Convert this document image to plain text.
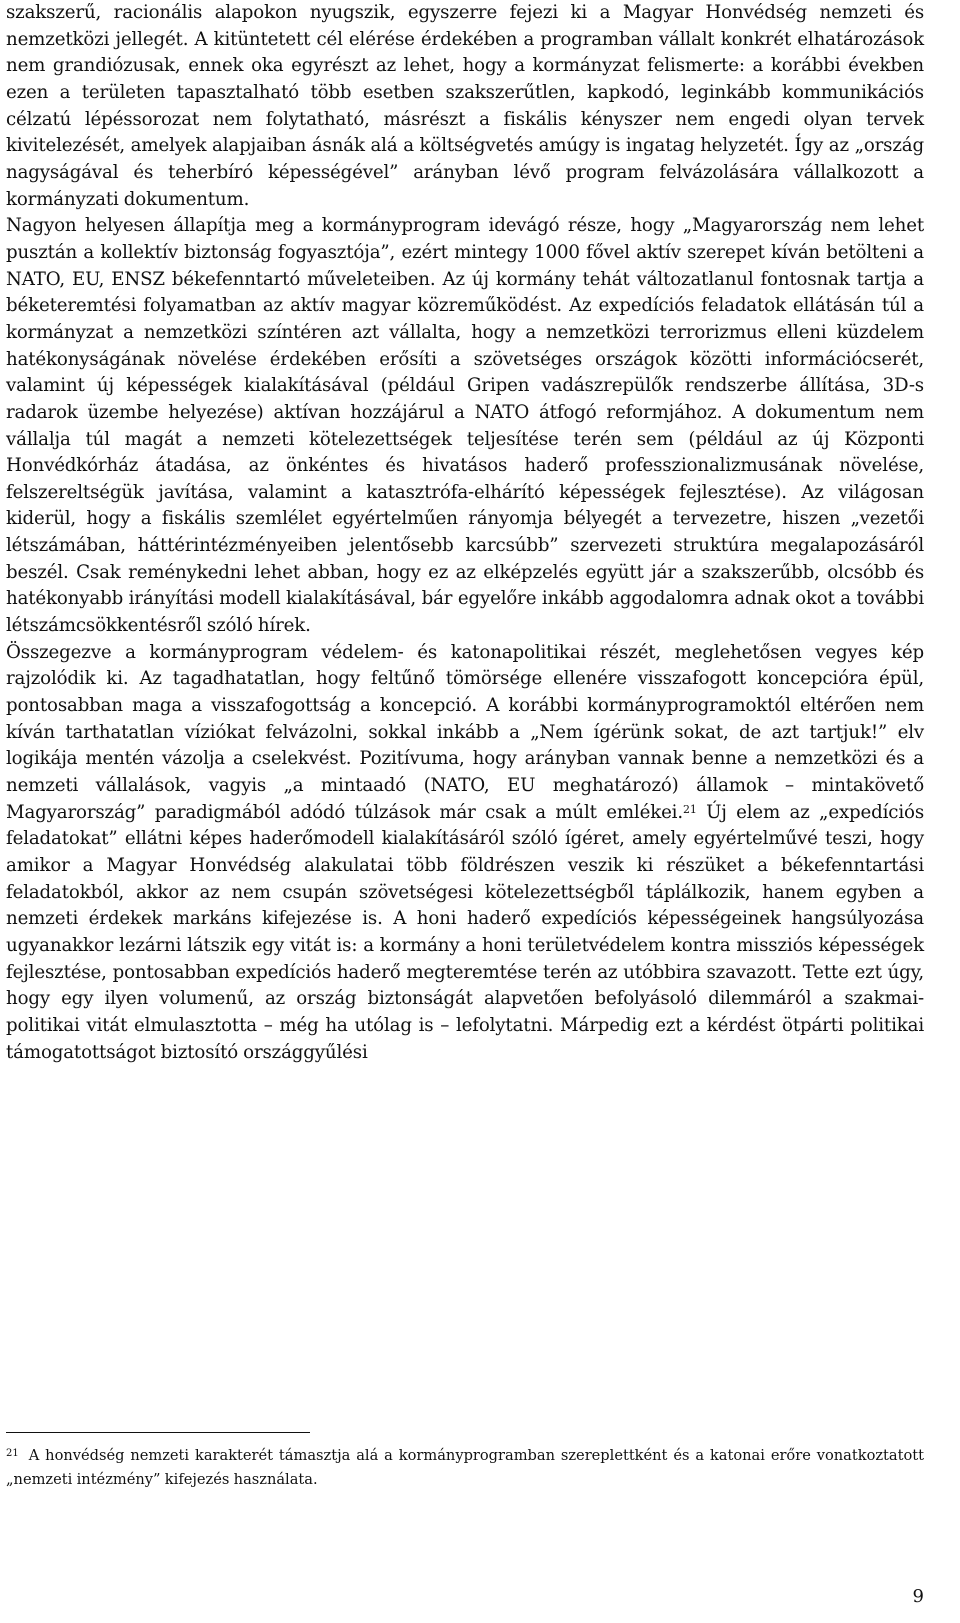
szakszerű, racionális alapokon nyugszik, egyszerre fejezi ki a Magyar Honvédség nemzeti és nemzetközi jellegét. A kitüntetett cél elérése érdekében a programban vállalt konkrét elhatározások nem grandiózusak, ennek oka egyrészt az lehet, hogy a kormányzat felismerte: a korábbi években ezen a területen tapasztalható több esetben szakszerűtlen, kapkodó, leginkább kommunikációs célzatú lépéssorozat nem folytatható, másrészt a fiskális kényszer nem engedi olyan tervek kivitelezését, amelyek alapjaiban ásnák alá a költségvetés amúgy is ingatag helyzetét. Így az „ország nagyságával és teherbíró képességével” arányban lévő program felvázolására vállalkozott a kormányzati dokumentum.

Nagyon helyesen állapítja meg a kormányprogram idevágó része, hogy „Magyarország nem lehet pusztán a kollektív biztonság fogyasztója”, ezért mintegy 1000 fővel aktív szerepet kíván betölteni a NATO, EU, ENSZ békefenntartó műveleteiben. Az új kormány tehát változatlanul fontosnak tartja a béketeremtési folyamatban az aktív magyar közreműködést. Az expedíciós feladatok ellátásán túl a kormányzat a nemzetközi színtéren azt vállalta, hogy a nemzetközi terrorizmus elleni küzdelem hatékonyságának növelése érdekében erősíti a szövetséges országok közötti információcserét, valamint új képességek kialakításával (például Gripen vadászrepülők rendszerbe állítása, 3D-s radarok üzembe helyezése) aktívan hozzájárul a NATO átfogó reformjához. A dokumentum nem vállalja túl magát a nemzeti kötelezettségek teljesítése terén sem (például az új Központi Honvédkórház átadása, az önkéntes és hivatásos haderő professzionalizmusának növelése, felszereltségük javítása, valamint a katasztrófa-elhárító képességek fejlesztése). Az világosan kiderül, hogy a fiskális szemlélet egyértelműen rányomja bélyegét a tervezetre, hiszen „vezetői létszámában, háttérintézményeiben jelentősebb karcsúbb” szervezeti struktúra megalapozásáról beszél. Csak reménykedni lehet abban, hogy ez az elképzelés együtt jár a szakszerűbb, olcsóbb és hatékonyabb irányítási modell kialakításával, bár egyelőre inkább aggodalomra adnak okot a további létszámcsökkentésről szóló hírek.

Összegezve a kormányprogram védelem- és katonapolitikai részét, meglehetősen vegyes kép rajzolódik ki. Az tagadhatatlan, hogy feltűnő tömörsége ellenére visszafogott koncepcióra épül, pontosabban maga a visszafogottság a koncepció. A korábbi kormányprogramoktól eltérően nem kíván tarthatatlan víziókat felvázolni, sokkal inkább a „Nem ígérünk sokat, de azt tartjuk!” elv logikája mentén vázolja a cselekvést. Pozitívuma, hogy arányban vannak benne a nemzetközi és a nemzeti vállalások, vagyis „a mintaadó (NATO, EU meghatározó) államok – mintakövető Magyarország” paradigmából adódó túlzások már csak a múlt emlékei.$^{21}$ Új elem az „expedíciós feladatokat” ellátni képes haderőmodell kialakításáról szóló ígéret, amely egyértelművé teszi, hogy amikor a Magyar Honvédség alakulatai több földrészen veszik ki részüket a békefenntartási feladatokból, akkor az nem csupán szövetségesi kötelezettségből táplálkozik, hanem egyben a nemzeti érdekek markáns kifejezése is. A honi haderő expedíciós képességeinek hangsúlyozása ugyanakkor lezárni látszik egy vitát is: a kormány a honi területvédelem kontra missziós képességek fejlesztése, pontosabban expedíciós haderő megteremtése terén az utóbbira szavazott. Tette ezt úgy, hogy egy ilyen volumenű, az ország biztonságát alapvetően befolyásoló dilemmáról a szakmai-politikai vitát elmulasztotta – még ha utólag is – lefolytatni. Márpedig ezt a kérdést ötpárti politikai támogatottságot biztosító országgyűlési

$^{21}$ A honvédség nemzeti karakterét támasztja alá a kormányprogramban szereplettként és a katonai erőre vonatkoztatott „nemzeti intézmény” kifejezés használata.

9
